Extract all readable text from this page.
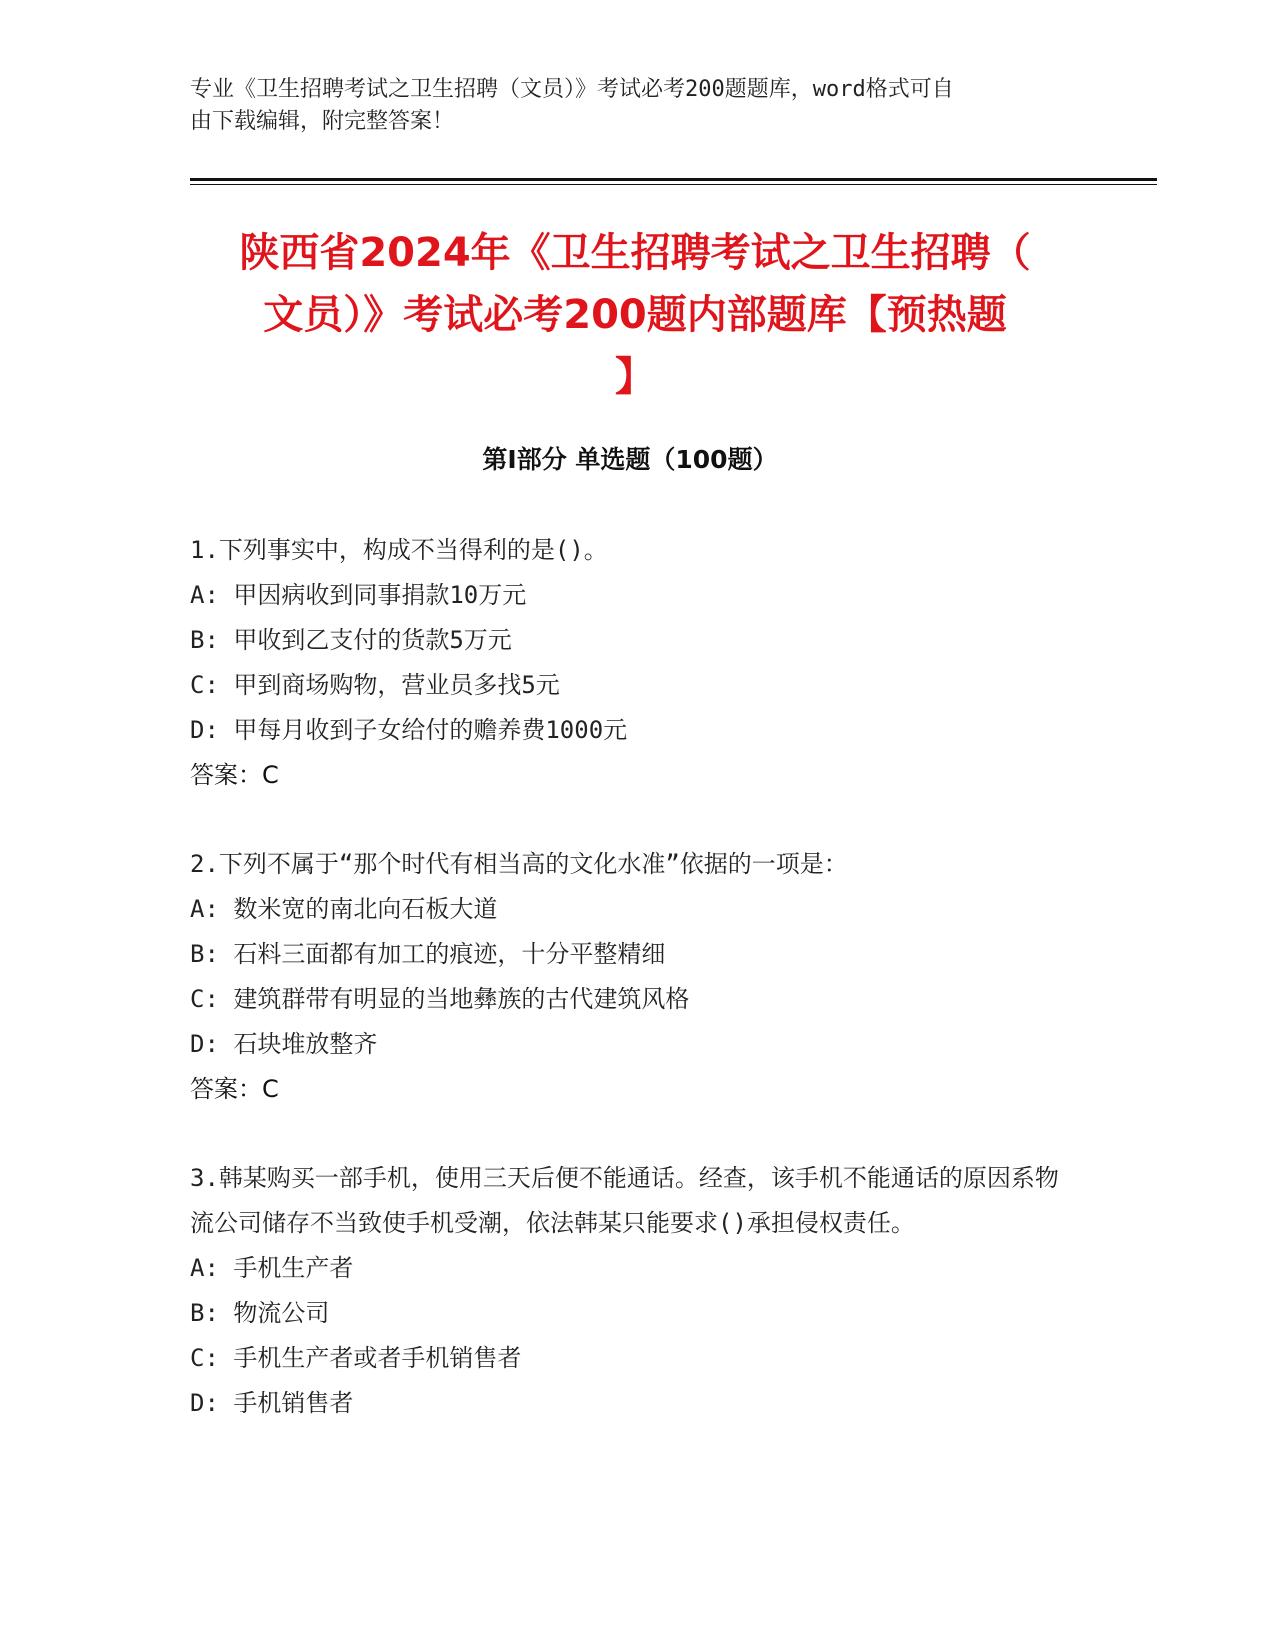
专业《卫生招聘考试之卫生招聘（文员）》考试必考200题题库，word格式可自
由下载编辑，附完整答案！
陕西省2024年《卫生招聘考试之卫生招聘（
文员）》考试必考200题内部题库【预热题
】
第Ⅰ部分 单选题（100题）

1.下列事实中，构成不当得利的是()。

A: 甲因病收到同事捐款10万元

B: 甲收到乙支付的货款5万元

C: 甲到商场购物，营业员多找5元

D: 甲每月收到子女给付的赡养费1000元

答案：C

2.下列不属于“那个时代有相当高的文化水准”依据的一项是：

A: 数米宽的南北向石板大道

B: 石料三面都有加工的痕迹，十分平整精细

C: 建筑群带有明显的当地彝族的古代建筑风格

D: 石块堆放整齐

答案：C

3.韩某购买一部手机，使用三天后便不能通话。经查，该手机不能通话的原因系物流公司储存不当致使手机受潮，依法韩某只能要求()承担侵权责任。

A: 手机生产者

B: 物流公司

C: 手机生产者或者手机销售者

D: 手机销售者
